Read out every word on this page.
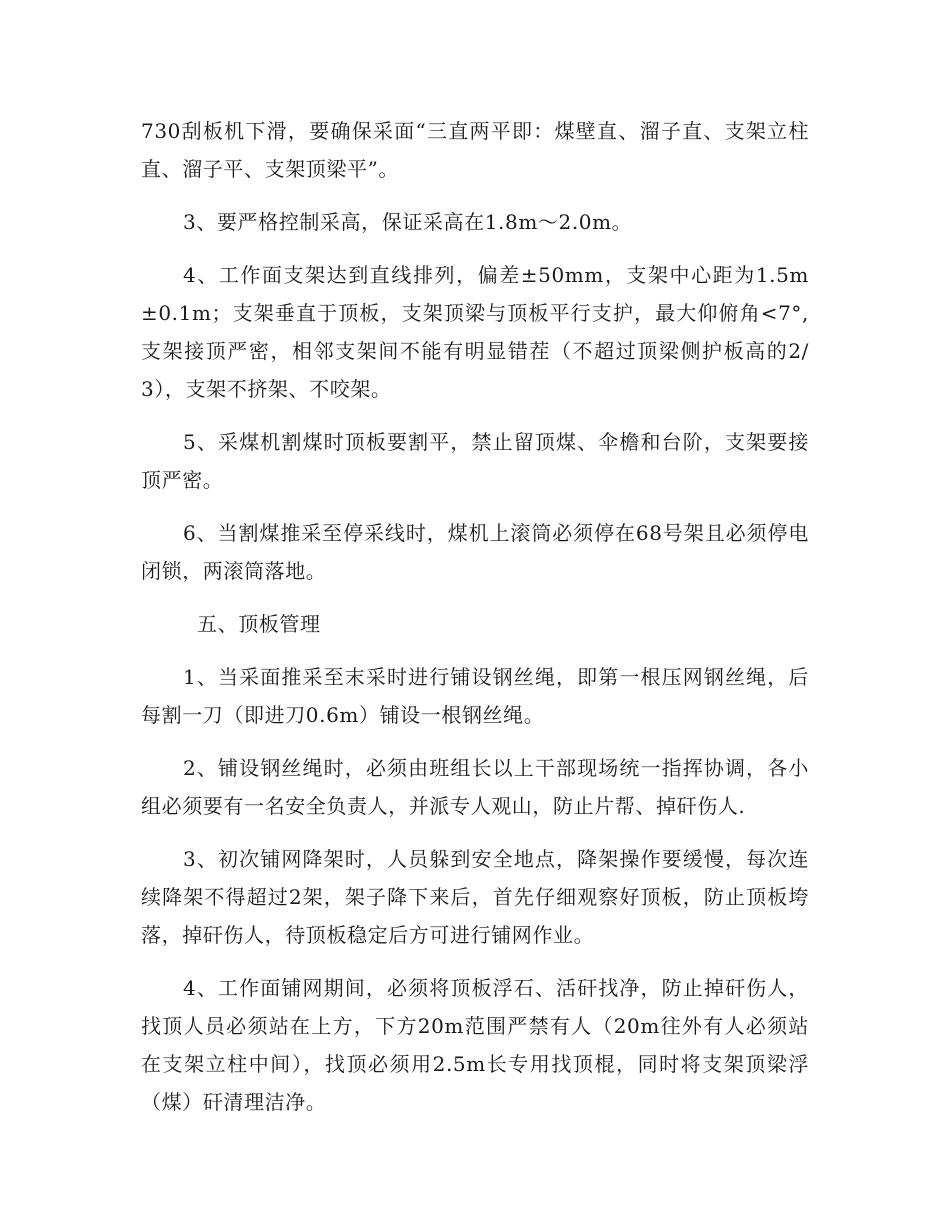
730刮板机下滑，要确保采面“三直两平即：煤壁直、溜子直、支架立柱直、溜子平、支架顶梁平”。

3、要严格控制采高，保证采高在1.8m～2.0m。

4、工作面支架达到直线排列，偏差±50mm，支架中心距为1.5m±0.1m；支架垂直于顶板，支架顶梁与顶板平行支护，最大仰俯角<7°,支架接顶严密，相邻支架间不能有明显错茬（不超过顶梁侧护板高的2/3），支架不挤架、不咬架。

5、采煤机割煤时顶板要割平，禁止留顶煤、伞檐和台阶，支架要接顶严密。

6、当割煤推采至停采线时，煤机上滚筒必须停在68号架且必须停电闭锁，两滚筒落地。

五、顶板管理

1、当采面推采至末采时进行铺设钢丝绳，即第一根压网钢丝绳，后每割一刀（即进刀0.6m）铺设一根钢丝绳。

2、铺设钢丝绳时，必须由班组长以上干部现场统一指挥协调，各小组必须要有一名安全负责人，并派专人观山，防止片帮、掉矸伤人.

3、初次铺网降架时，人员躲到安全地点，降架操作要缓慢，每次连续降架不得超过2架，架子降下来后，首先仔细观察好顶板，防止顶板垮落，掉矸伤人，待顶板稳定后方可进行铺网作业。

4、工作面铺网期间，必须将顶板浮石、活矸找净，防止掉矸伤人，找顶人员必须站在上方，下方20m范围严禁有人（20m往外有人必须站在支架立柱中间），找顶必须用2.5m长专用找顶棍，同时将支架顶梁浮（煤）矸清理洁净。
